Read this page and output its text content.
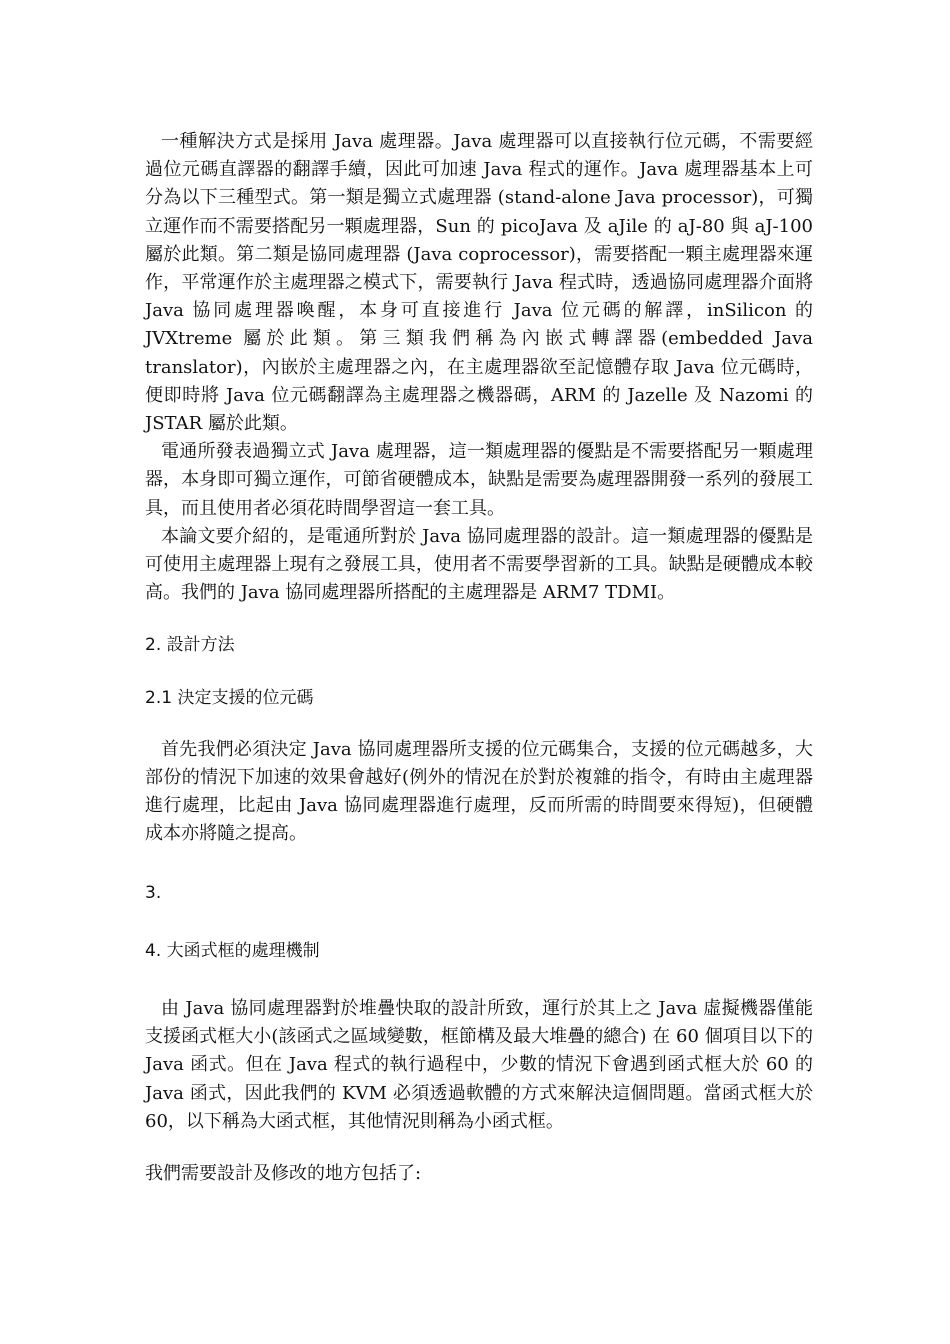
一種解決方式是採用 Java 處理器。Java 處理器可以直接執行位元碼，不需要經過位元碼直譯器的翻譯手續，因此可加速 Java 程式的運作。Java 處理器基本上可分為以下三種型式。第一類是獨立式處理器 (stand-alone Java processor)，可獨立運作而不需要搭配另一顆處理器，Sun 的 picoJava 及 aJile 的 aJ-80 與 aJ-100 屬於此類。第二類是協同處理器 (Java coprocessor)，需要搭配一顆主處理器來運作，平常運作於主處理器之模式下，需要執行 Java 程式時，透過協同處理器介面將 Java 協同處理器喚醒，本身可直接進行 Java 位元碼的解譯，inSilicon 的 JVXtreme 屬於此類。第三類我們稱為內嵌式轉譯器(embedded Java translator)，內嵌於主處理器之內，在主處理器欲至記憶體存取 Java 位元碼時，便即時將 Java 位元碼翻譯為主處理器之機器碼，ARM 的 Jazelle 及 Nazomi 的 JSTAR 屬於此類。

電通所發表過獨立式 Java 處理器，這一類處理器的優點是不需要搭配另一顆處理器，本身即可獨立運作，可節省硬體成本，缺點是需要為處理器開發一系列的發展工具，而且使用者必須花時間學習這一套工具。

本論文要介紹的，是電通所對於 Java 協同處理器的設計。這一類處理器的優點是可使用主處理器上現有之發展工具，使用者不需要學習新的工具。缺點是硬體成本較高。我們的 Java 協同處理器所搭配的主處理器是 ARM7 TDMI。

2. 設計方法

2.1 決定支援的位元碼

首先我們必須決定 Java 協同處理器所支援的位元碼集合，支援的位元碼越多，大部份的情況下加速的效果會越好(例外的情況在於對於複雜的指令，有時由主處理器進行處理，比起由 Java 協同處理器進行處理，反而所需的時間要來得短)，但硬體成本亦將隨之提高。

3.

4. 大函式框的處理機制

由 Java 協同處理器對於堆疊快取的設計所致，運行於其上之 Java 虛擬機器僅能支援函式框大小(該函式之區域變數，框節構及最大堆疊的總合) 在 60 個項目以下的 Java 函式。但在 Java 程式的執行過程中，少數的情況下會遇到函式框大於 60 的 Java 函式，因此我們的 KVM 必須透過軟體的方式來解決這個問題。當函式框大於 60，以下稱為大函式框，其他情況則稱為小函式框。

我們需要設計及修改的地方包括了:
